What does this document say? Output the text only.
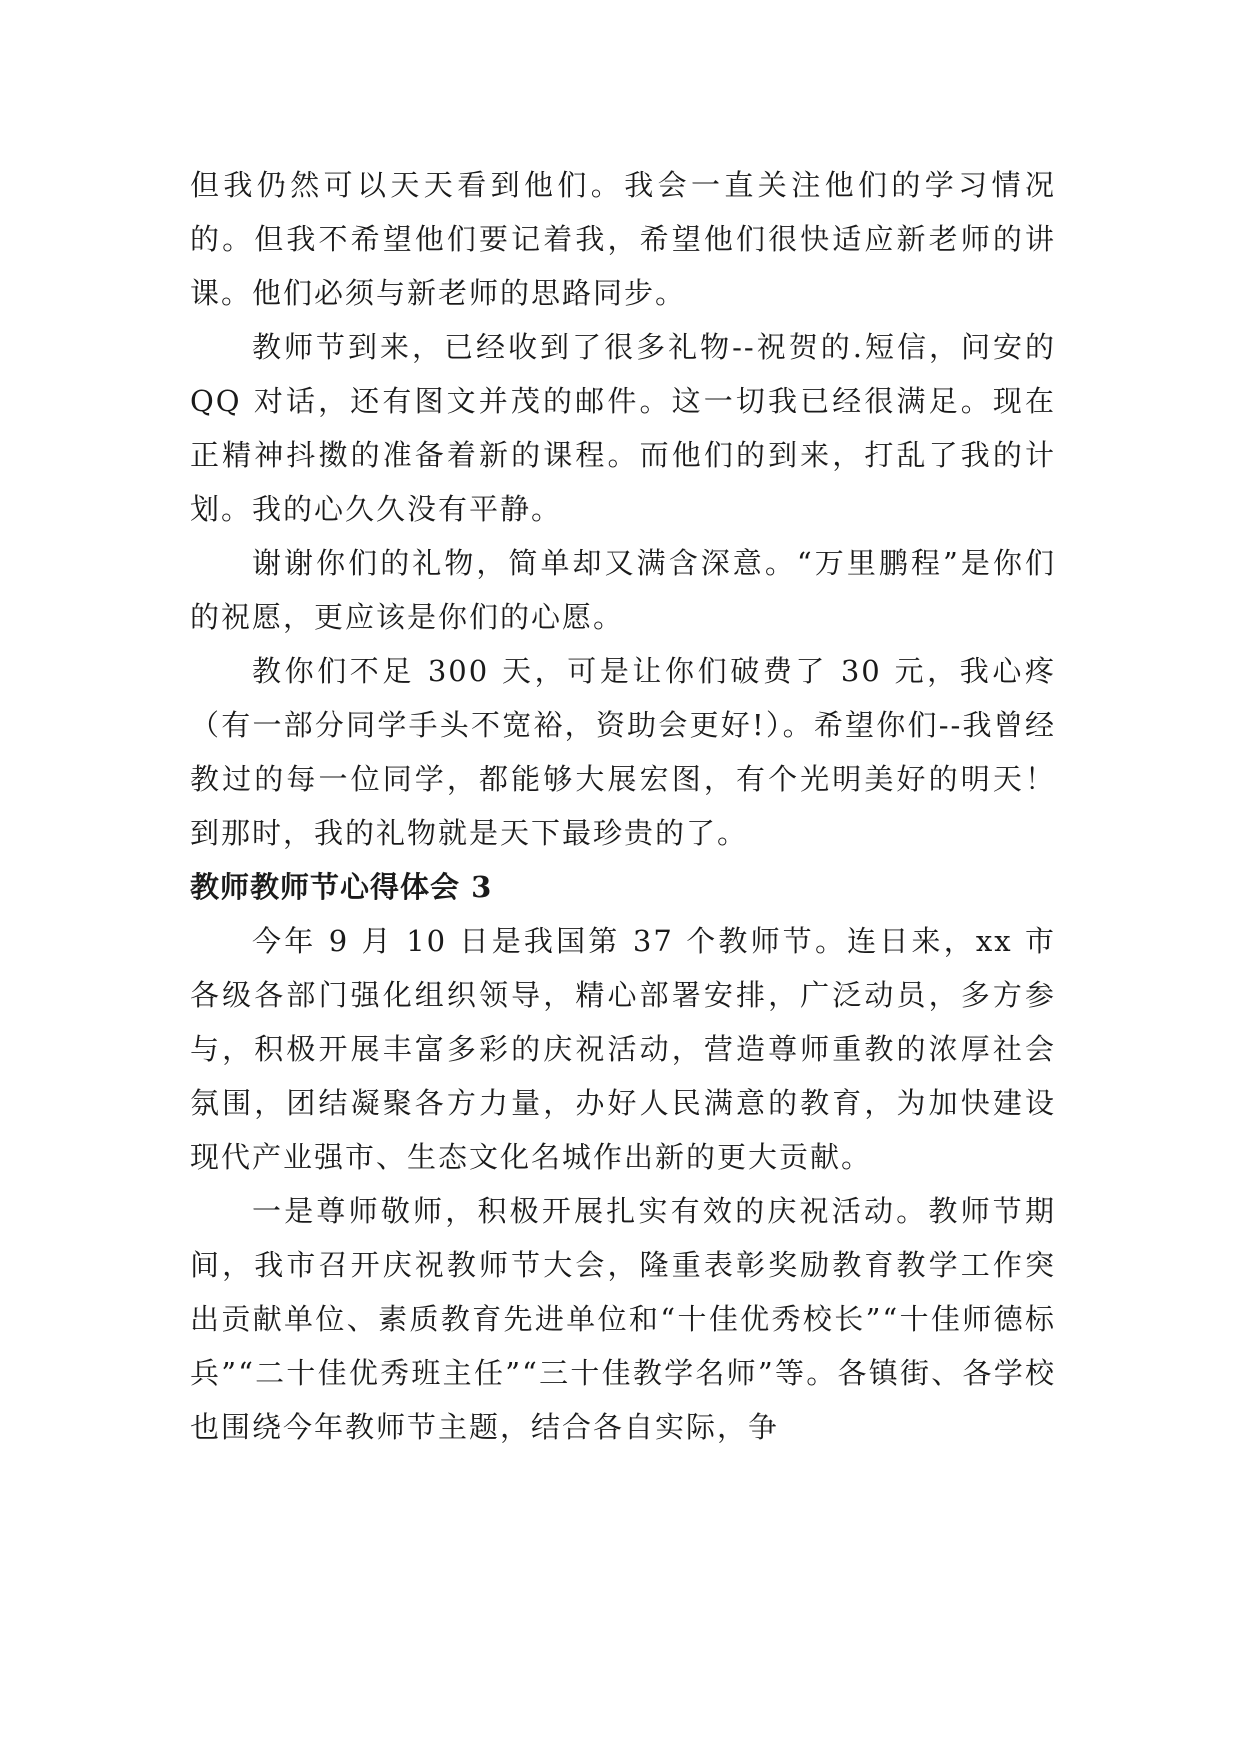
但我仍然可以天天看到他们。我会一直关注他们的学习情况的。但我不希望他们要记着我，希望他们很快适应新老师的讲课。他们必须与新老师的思路同步。

教师节到来，已经收到了很多礼物--祝贺的.短信，问安的 QQ 对话，还有图文并茂的邮件。这一切我已经很满足。现在正精神抖擞的准备着新的课程。而他们的到来，打乱了我的计划。我的心久久没有平静。

谢谢你们的礼物，简单却又满含深意。“万里鹏程”是你们的祝愿，更应该是你们的心愿。

教你们不足 300 天，可是让你们破费了 30 元，我心疼（有一部分同学手头不宽裕，资助会更好!）。希望你们--我曾经教过的每一位同学，都能够大展宏图，有个光明美好的明天！到那时，我的礼物就是天下最珍贵的了。

教师教师节心得体会 3

今年 9 月 10 日是我国第 37 个教师节。连日来，xx 市各级各部门强化组织领导，精心部署安排，广泛动员，多方参与，积极开展丰富多彩的庆祝活动，营造尊师重教的浓厚社会氛围，团结凝聚各方力量，办好人民满意的教育，为加快建设现代产业强市、生态文化名城作出新的更大贡献。

一是尊师敬师，积极开展扎实有效的庆祝活动。教师节期间，我市召开庆祝教师节大会，隆重表彰奖励教育教学工作突出贡献单位、素质教育先进单位和“十佳优秀校长”“十佳师德标兵”“二十佳优秀班主任”“三十佳教学名师”等。各镇街、各学校也围绕今年教师节主题，结合各自实际，争
